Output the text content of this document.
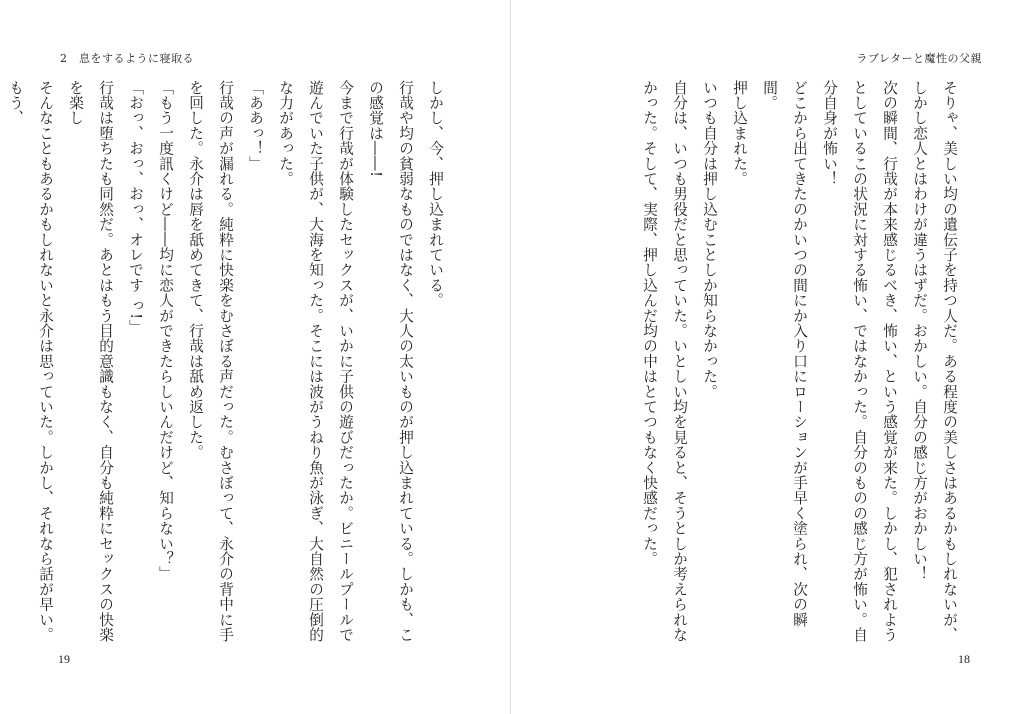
2　息をするように寝取る

しかし、今、押し込まれている。

行哉や均の貧弱なものではなく、大人の太いものが押し込まれている。しかも、この感覚は――!

今まで行哉が体験したセックスが、いかに子供の遊びだったか。ビニールプールで遊んでいた子供が、大海を知った。そこには波がうねり魚が泳ぎ、大自然の圧倒的な力があった。

「ああっ！」

行哉の声が漏れる。純粋に快楽をむさぼる声だった。むさぼって、永介の背中に手を回した。永介は唇を舐めてきて、行哉は舐め返した。

「もう一度訊くけど――均に恋人ができたらしいんだけど、知らない？」

「おっ、おっ、おっ、オレです っ!」

行哉は堕ちたも同然だ。あとはもう目的意識もなく、自分も純粋にセックスの快楽を楽し

そんなこともあるかもしれないと永介は思っていた。しかし、それなら話が早い。もう、

19
ラブレターと魔性の父親

そりゃ、美しい均の遺伝子を持つ人だ。ある程度の美しさはあるかもしれないが、しかし恋人とはわけが違うはずだ。おかしい。自分の感じ方がおかしい！

次の瞬間、行哉が本来感じるべき、怖い、という感覚が来た。しかし、犯されようとしているこの状況に対する怖い、ではなかった。自分のものの感じ方が怖い。自分自身が怖い！

どこから出てきたのかいつの間にか入り口にローションが手早く塗られ、次の瞬間。

押し込まれた。

いつも自分は押し込むことしか知らなかった。

自分は、いつも男役だと思っていた。いとしい均を見ると、そうとしか考えられなかった。そして、実際、押し込んだ均の中はとてつもなく快感だった。

18
